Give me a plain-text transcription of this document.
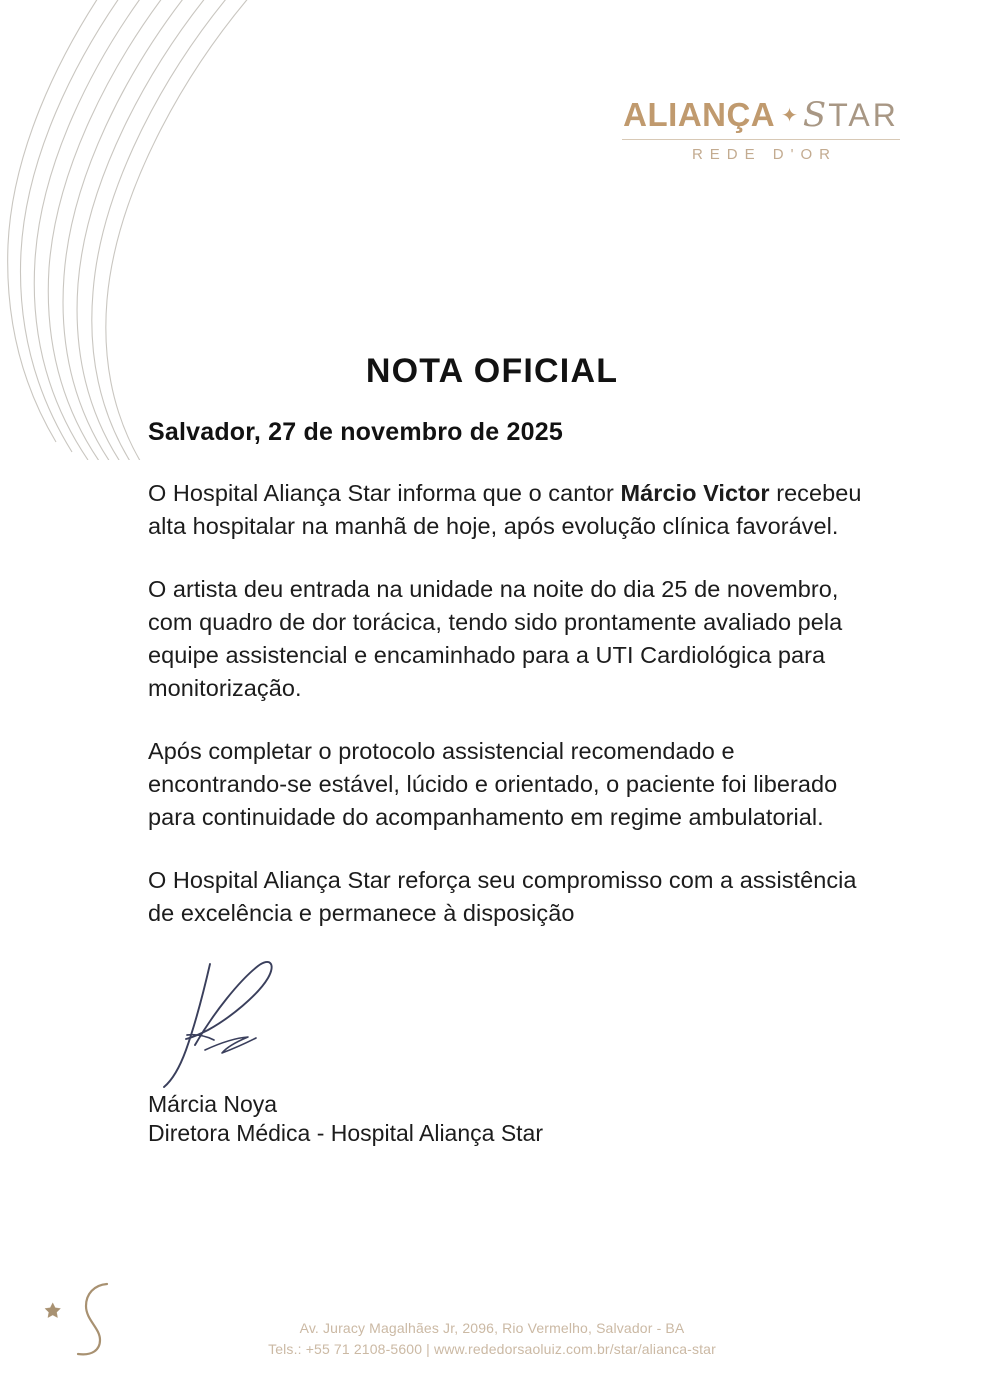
ALIANÇA ✦ S TAR
REDE D'OR
NOTA OFICIAL

Salvador, 27 de novembro de 2025

O Hospital Aliança Star informa que o cantor Márcio Victor recebeu alta hospitalar na manhã de hoje, após evolução clínica favorável.

O artista deu entrada na unidade na noite do dia 25 de novembro, com quadro de dor torácica, tendo sido prontamente avaliado pela equipe assistencial e encaminhado para a UTI Cardiológica para monitorização.

Após completar o protocolo assistencial recomendado e encontrando-se estável, lúcido e orientado, o paciente foi liberado para continuidade do acompanhamento em regime ambulatorial.

O Hospital Aliança Star reforça seu compromisso com a assistência de excelência e permanece à disposição

Márcia Noya
Diretora Médica - Hospital Aliança Star
Av. Juracy Magalhães Jr, 2096, Rio Vermelho, Salvador - BA
Tels.: +55 71 2108-5600 | www.rededorsaoluiz.com.br/star/alianca-star
